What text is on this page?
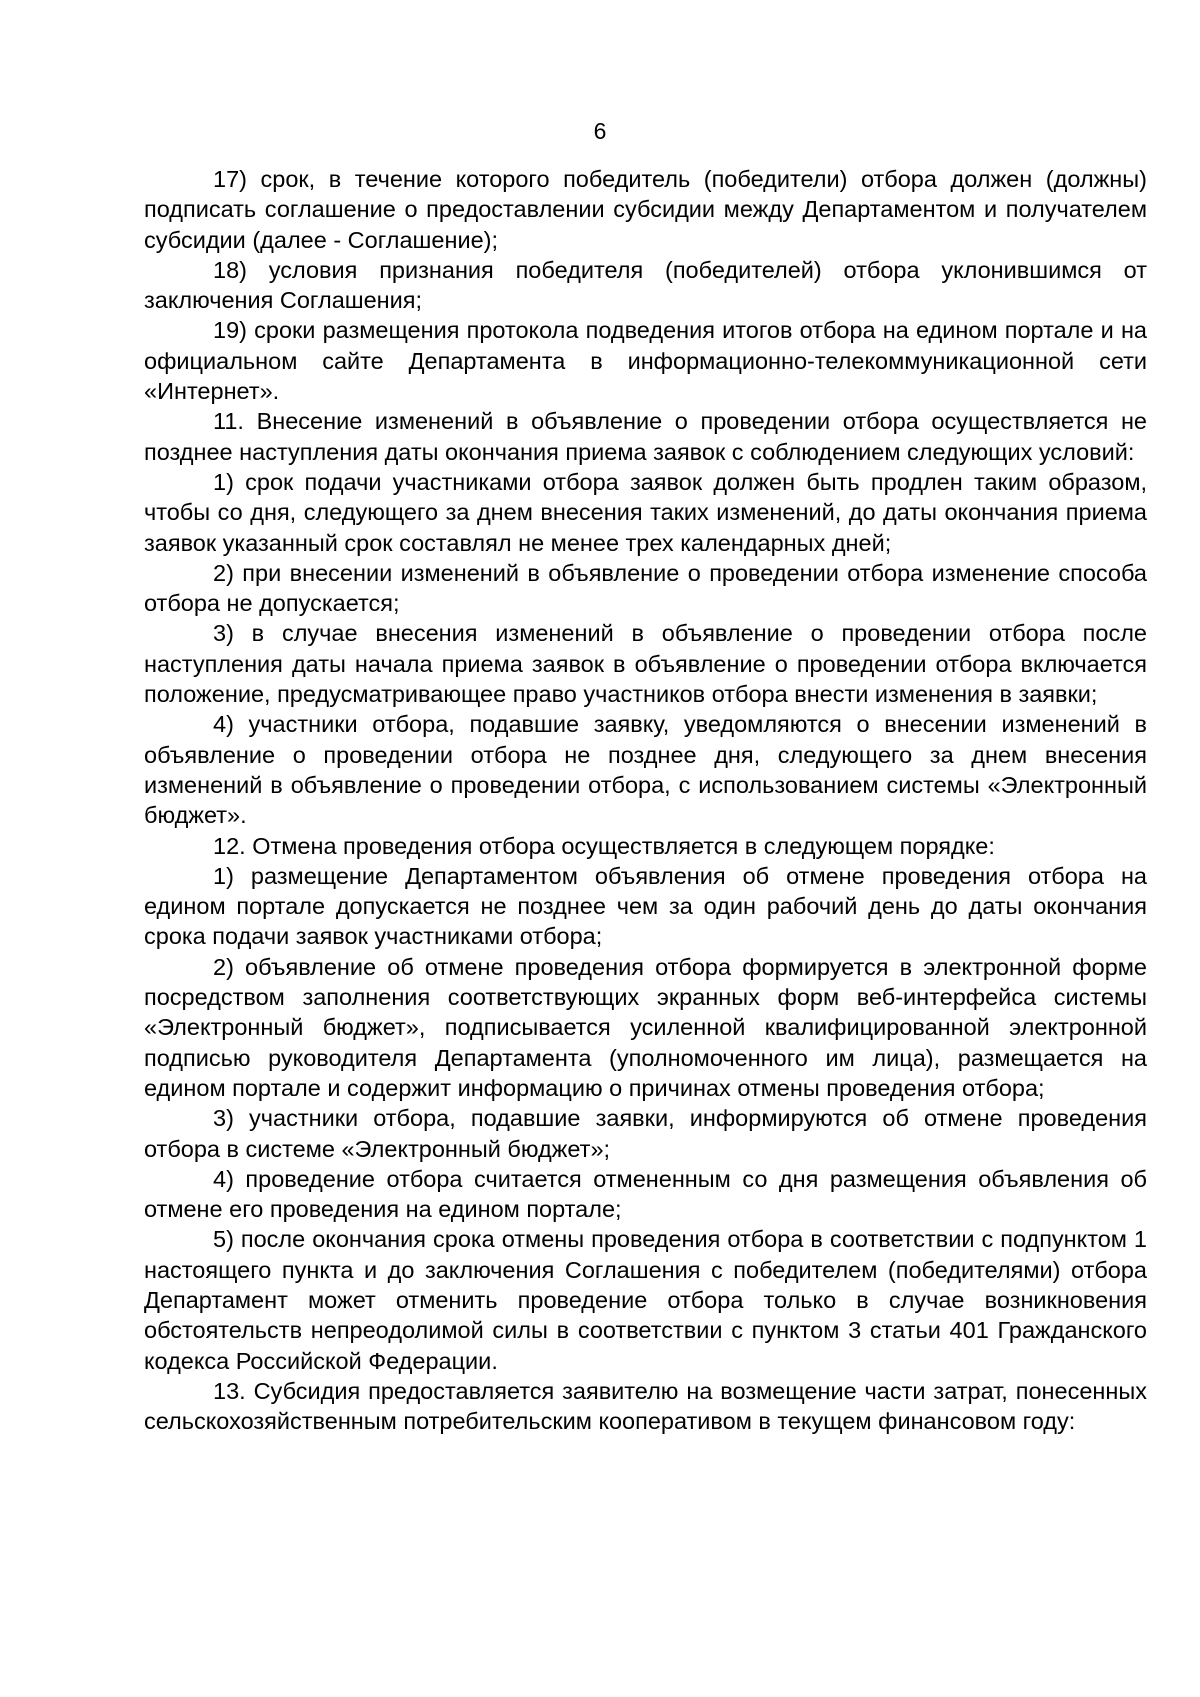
6

17) срок, в течение которого победитель (победители) отбора должен (должны) подписать соглашение о предоставлении субсидии между Департаментом и получателем субсидии (далее - Соглашение);

18) условия признания победителя (победителей) отбора уклонившимся от заключения Соглашения;

19) сроки размещения протокола подведения итогов отбора на едином портале и на официальном сайте Департамента в информационно-телекоммуникационной сети «Интернет».

11. Внесение изменений в объявление о проведении отбора осуществляется не позднее наступления даты окончания приема заявок с соблюдением следующих условий:

1) срок подачи участниками отбора заявок должен быть продлен таким образом, чтобы со дня, следующего за днем внесения таких изменений, до даты окончания приема заявок указанный срок составлял не менее трех календарных дней;

2) при внесении изменений в объявление о проведении отбора изменение способа отбора не допускается;

3) в случае внесения изменений в объявление о проведении отбора после наступления даты начала приема заявок в объявление о проведении отбора включается положение, предусматривающее право участников отбора внести изменения в заявки;

4) участники отбора, подавшие заявку, уведомляются о внесении изменений в объявление о проведении отбора не позднее дня, следующего за днем внесения изменений в объявление о проведении отбора, с использованием системы «Электронный бюджет».

12. Отмена проведения отбора осуществляется в следующем порядке:

1) размещение Департаментом объявления об отмене проведения отбора на едином портале допускается не позднее чем за один рабочий день до даты окончания срока подачи заявок участниками отбора;

2) объявление об отмене проведения отбора формируется в электронной форме посредством заполнения соответствующих экранных форм веб-интерфейса системы «Электронный бюджет», подписывается усиленной квалифицированной электронной подписью руководителя Департамента (уполномоченного им лица), размещается на едином портале и содержит информацию о причинах отмены проведения отбора;

3) участники отбора, подавшие заявки, информируются об отмене проведения отбора в системе «Электронный бюджет»;

4) проведение отбора считается отмененным со дня размещения объявления об отмене его проведения на едином портале;

5) после окончания срока отмены проведения отбора в соответствии с подпунктом 1 настоящего пункта и до заключения Соглашения с победителем (победителями) отбора Департамент может отменить проведение отбора только в случае возникновения обстоятельств непреодолимой силы в соответствии с пунктом 3 статьи 401 Гражданского кодекса Российской Федерации.

13. Субсидия предоставляется заявителю на возмещение части затрат, понесенных сельскохозяйственным потребительским кооперативом в текущем финансовом году:
